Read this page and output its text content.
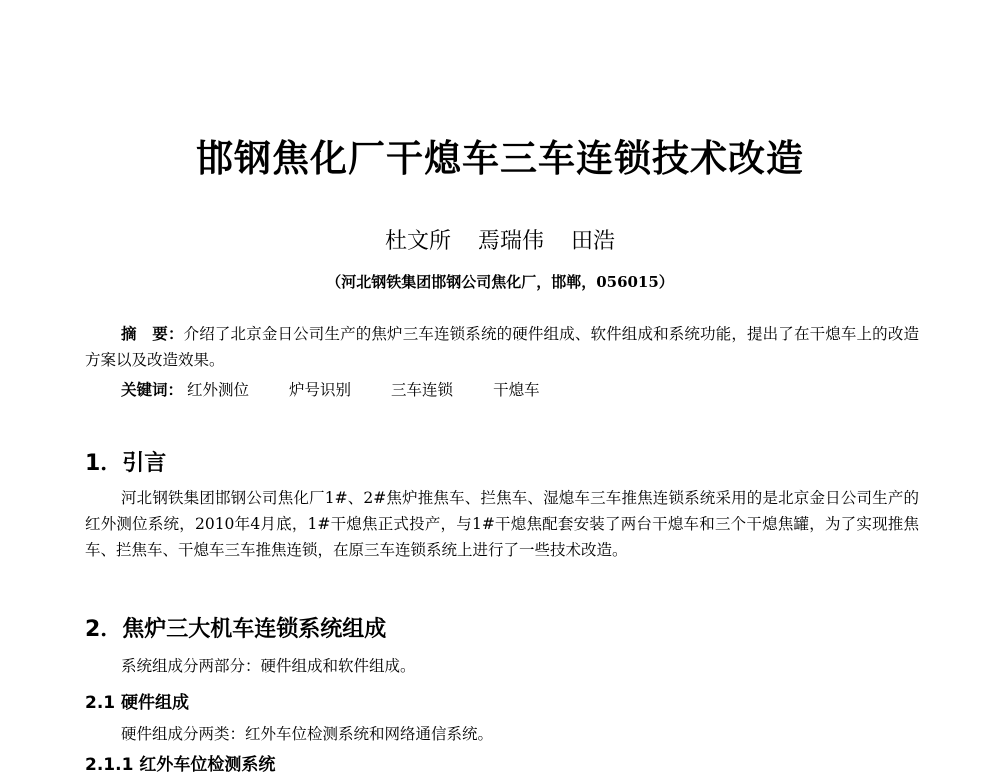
邯钢焦化厂干熄车三车连锁技术改造
杜文所 焉瑞伟 田浩
（河北钢铁集团邯钢公司焦化厂，邯郸，056015）

摘　要：介绍了北京金日公司生产的焦炉三车连锁系统的硬件组成、软件组成和系统功能，提出了在干熄车上的改造方案以及改造效果。

关键词： 红外测位	炉号识别	三车连锁	干熄车
1．引言

河北钢铁集团邯钢公司焦化厂1#、2#焦炉推焦车、拦焦车、湿熄车三车推焦连锁系统采用的是北京金日公司生产的红外测位系统，2010年4月底，1#干熄焦正式投产，与1#干熄焦配套安装了两台干熄车和三个干熄焦罐，为了实现推焦车、拦焦车、干熄车三车推焦连锁，在原三车连锁系统上进行了一些技术改造。

2．焦炉三大机车连锁系统组成

系统组成分两部分：硬件组成和软件组成。

2.1 硬件组成

硬件组成分两类：红外车位检测系统和网络通信系统。

2.1.1 红外车位检测系统
